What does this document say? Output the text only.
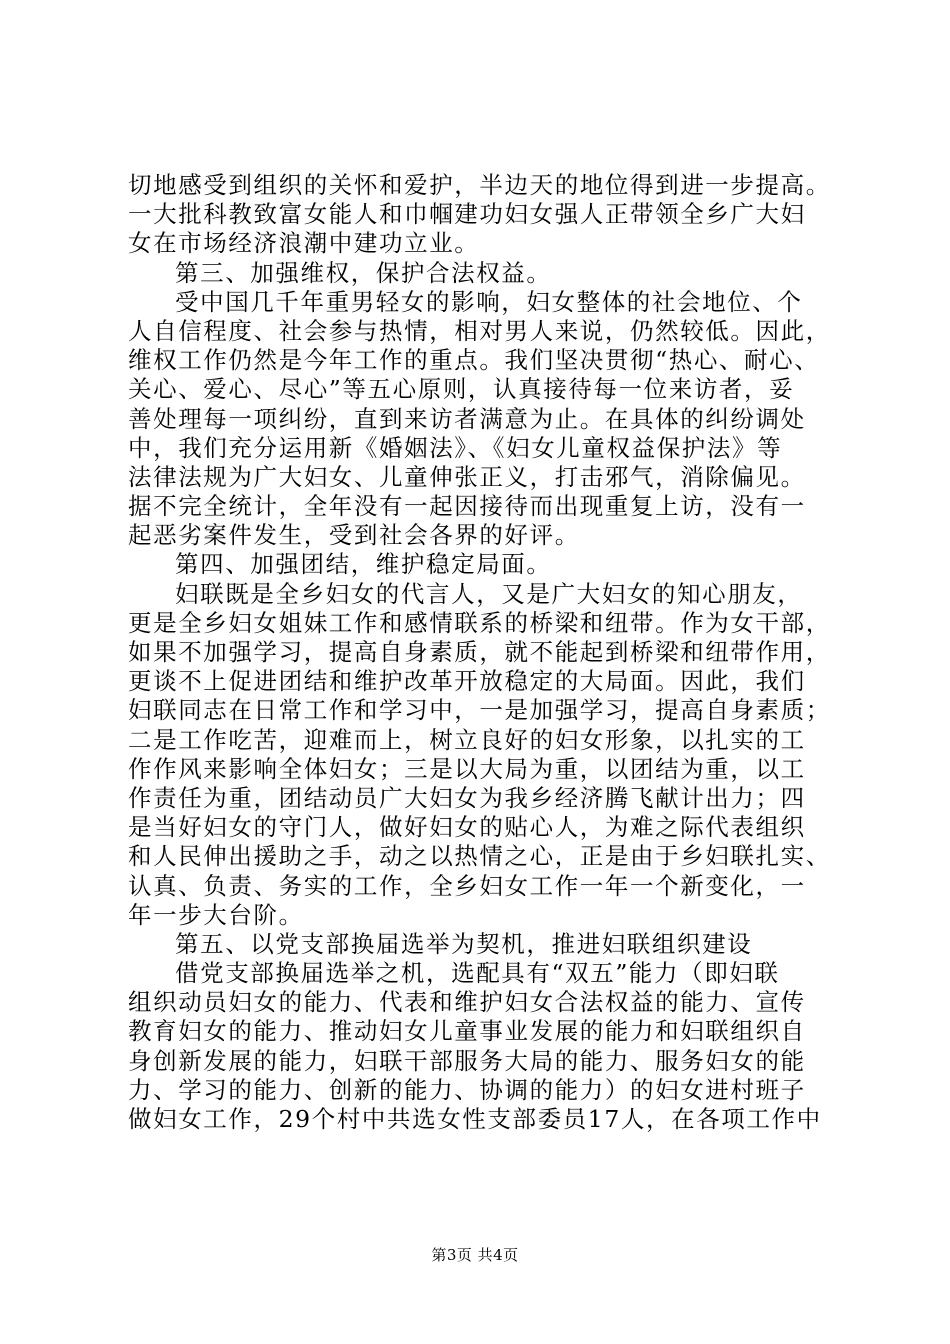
切地感受到组织的关怀和爱护，半边天的地位得到进一步提高。
一大批科教致富女能人和巾帼建功妇女强人正带领全乡广大妇
女在市场经济浪潮中建功立业。
第三、加强维权，保护合法权益。
受中国几千年重男轻女的影响，妇女整体的社会地位、个
人自信程度、社会参与热情，相对男人来说，仍然较低。因此，
维权工作仍然是今年工作的重点。我们坚决贯彻“热心、耐心、
关心、爱心、尽心”等五心原则，认真接待每一位来访者，妥
善处理每一项纠纷，直到来访者满意为止。在具体的纠纷调处
中，我们充分运用新《婚姻法》、《妇女儿童权益保护法》等
法律法规为广大妇女、儿童伸张正义，打击邪气，消除偏见。
据不完全统计，全年没有一起因接待而出现重复上访，没有一
起恶劣案件发生，受到社会各界的好评。
第四、加强团结，维护稳定局面。
妇联既是全乡妇女的代言人，又是广大妇女的知心朋友，
更是全乡妇女姐妹工作和感情联系的桥梁和纽带。作为女干部，
如果不加强学习，提高自身素质，就不能起到桥梁和纽带作用，
更谈不上促进团结和维护改革开放稳定的大局面。因此，我们
妇联同志在日常工作和学习中，一是加强学习，提高自身素质；
二是工作吃苦，迎难而上，树立良好的妇女形象，以扎实的工
作作风来影响全体妇女；三是以大局为重，以团结为重，以工
作责任为重，团结动员广大妇女为我乡经济腾飞献计出力；四
是当好妇女的守门人，做好妇女的贴心人，为难之际代表组织
和人民伸出援助之手，动之以热情之心，正是由于乡妇联扎实、
认真、负责、务实的工作，全乡妇女工作一年一个新变化，一
年一步大台阶。
第五、以党支部换届选举为契机，推进妇联组织建设
借党支部换届选举之机，选配具有“双五”能力（即妇联
组织动员妇女的能力、代表和维护妇女合法权益的能力、宣传
教育妇女的能力、推动妇女儿童事业发展的能力和妇联组织自
身创新发展的能力，妇联干部服务大局的能力、服务妇女的能
力、学习的能力、创新的能力、协调的能力）的妇女进村班子
做妇女工作，29个村中共选女性支部委员17人，在各项工作中
第3页 共4页
